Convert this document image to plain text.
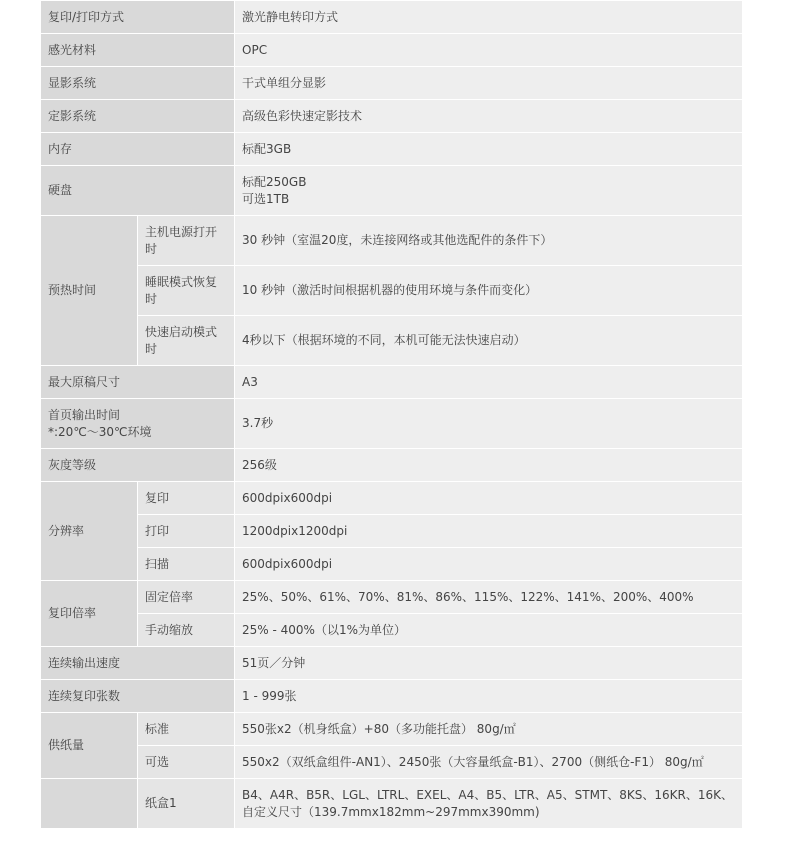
复印/打印方式		激光静电转印方式
感光材料		OPC
显影系统		干式单组分显影
定影系统		高级色彩快速定影技术
内存		标配3GB
硬盘		标配250GB
可选1TB

预热时间	主机电源打开时	30 秒钟（室温20度，未连接网络或其他选配件的条件下）
	睡眠模式恢复时	10 秒钟（激活时间根据机器的使用环境与条件而变化）
	快速启动模式时	4秒以下（根据环境的不同，本机可能无法快速启动）
最大原稿尺寸		A3

首页输出时间
*:20℃～30℃环境		3.7秒
灰度等级		256级
分辨率	复印	600dpix600dpi
	打印	1200dpix1200dpi
	扫描	600dpix600dpi
复印倍率	固定倍率	25%、50%、61%、70%、81%、86%、115%、122%、141%、200%、400%
	手动缩放	25% - 400%（以1%为单位）
连续输出速度		51页／分钟
连续复印张数		1 - 999张
供纸量	标准	550张x2（机身纸盒）+80（多功能托盘） 80g/㎡
	可选	550x2（双纸盒组件-AN1）、2450张（大容量纸盒-B1）、2700（侧纸仓-F1） 80g/㎡
	纸盒1	B4、A4R、B5R、LGL、LTRL、EXEL、A4、B5、LTR、A5、STMT、8KS、16KR、16K、
自定义尺寸（139.7mmx182mm~297mmx390mm)
